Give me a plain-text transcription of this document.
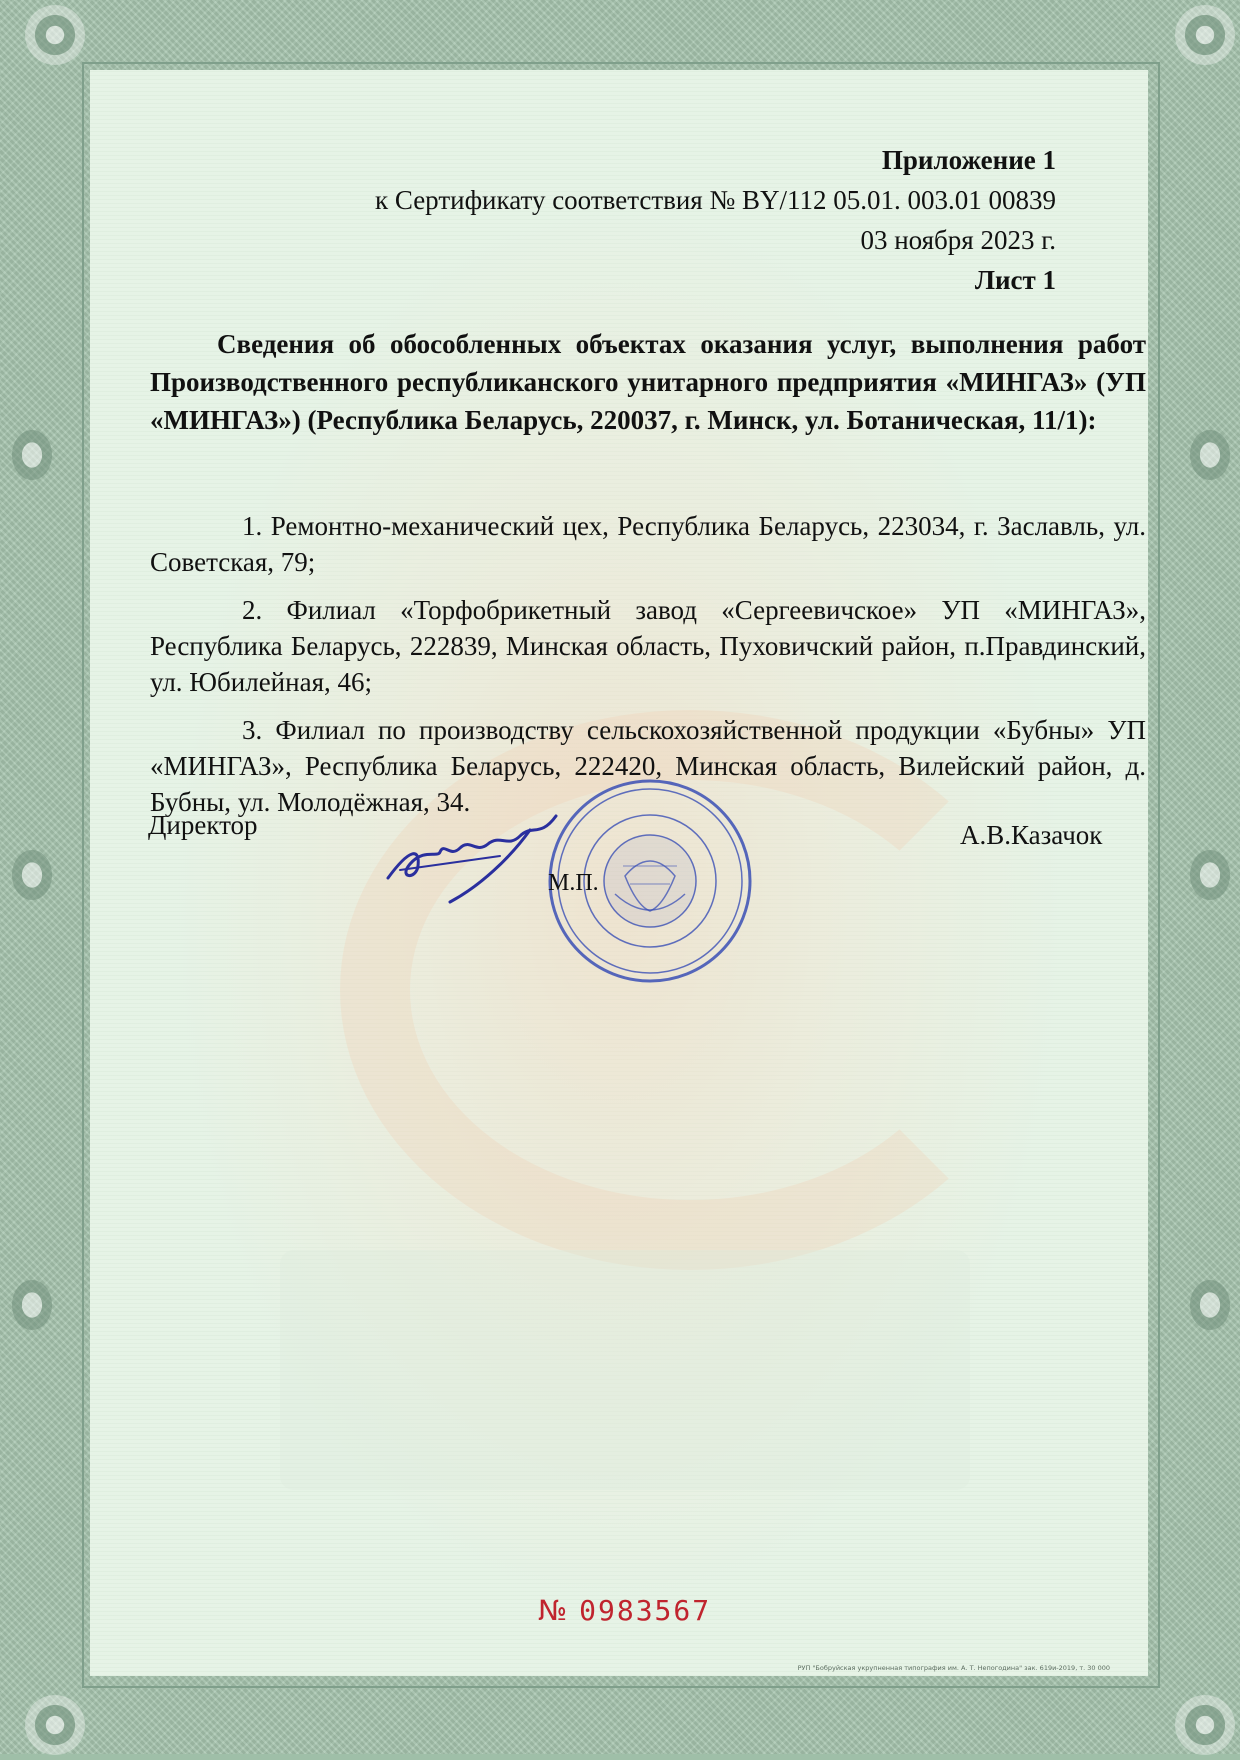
Приложение 1
к Сертификату соответствия № BY/112 05.01. 003.01 00839
03 ноября 2023 г.
Лист 1
Сведения об обособленных объектах оказания услуг, выполнения работ Производственного республиканского унитарного предприятия «МИНГАЗ» (УП «МИНГАЗ») (Республика Беларусь, 220037, г. Минск, ул. Ботаническая, 11/1):
1. Ремонтно-механический цех, Республика Беларусь, 223034, г. Заславль, ул. Советская, 79;
2. Филиал «Торфобрикетный завод «Сергеевичское» УП «МИНГАЗ», Республика Беларусь, 222839, Минская область, Пуховичский район, п.Правдинский, ул. Юбилейная, 46;
3. Филиал по производству сельскохозяйственной продукции «Бубны» УП «МИНГАЗ», Республика Беларусь, 222420, Минская область, Вилейский район, д. Бубны, ул. Молодёжная, 34.
Директор
М.П.
А.В.Казачок
№ 0983567
РУП "Бобруйская укрупненная типография им. А. Т. Непогодина" зак. 619и-2019, т. 30 000
